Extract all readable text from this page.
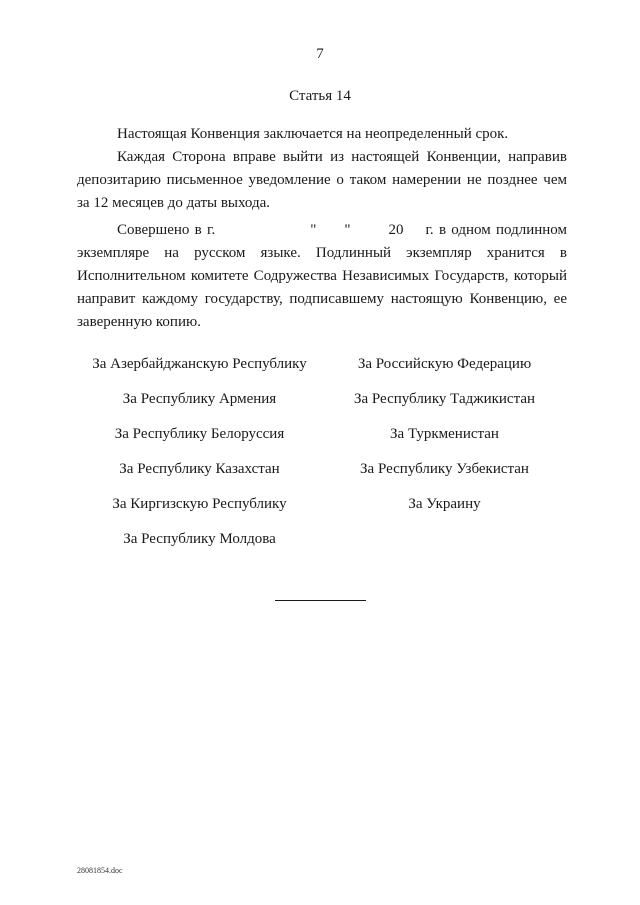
7
Статья 14

Настоящая Конвенция заключается на неопределенный срок.

Каждая Сторона вправе выйти из настоящей Конвенции, направив депозитарию письменное уведомление о таком намерении не позднее чем за 12 месяцев до даты выхода.

Совершено в г.	" "	20 г. в одном подлинном экземпляре на русском языке. Подлинный экземпляр хранится в Исполнительном комитете Содружества Независимых Государств, который направит каждому государству, подписавшему настоящую Конвенцию, ее заверенную копию.

За Азербайджанскую Республику
За Республику Армения
За Республику Белоруссия
За Республику Казахстан
За Киргизскую Республику
За Республику Молдова
За Российскую Федерацию
За Республику Таджикистан
За Туркменистан
За Республику Узбекистан
За Украину
28081854.doc
